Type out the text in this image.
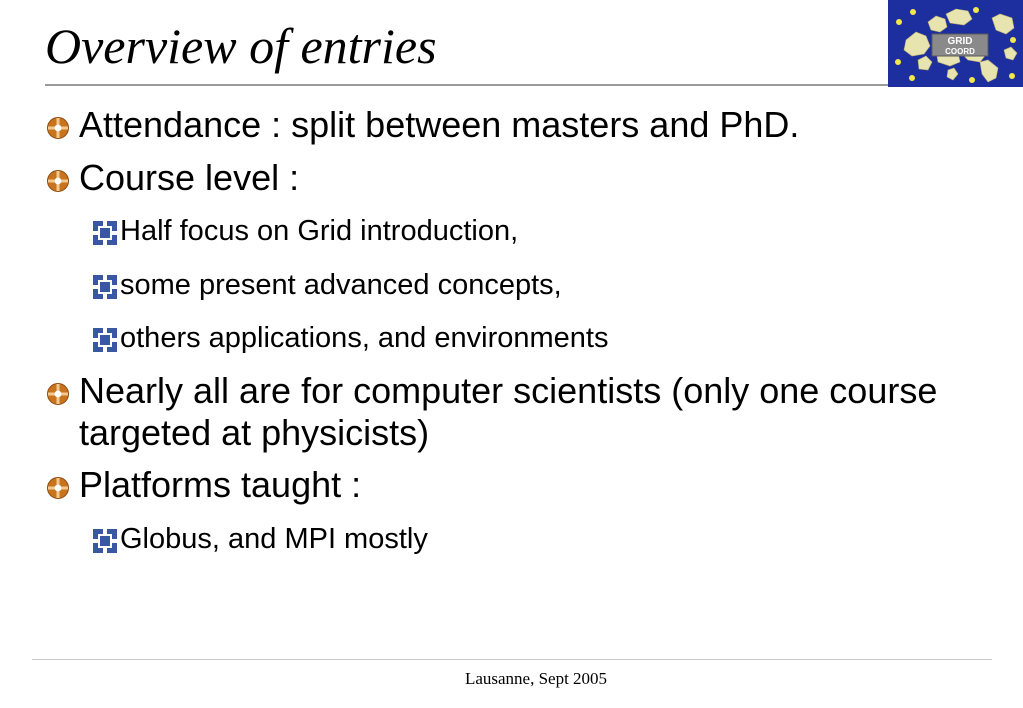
Overview of entries	GRID
COORD
Attendance : split between masters and PhD.
Course level :
Half focus on Grid introduction,
some present advanced concepts,
others applications, and environments
Nearly all are for computer scientists (only one course targeted at physicists)
Platforms taught :
Globus, and MPI mostly
Lausanne, Sept 2005
